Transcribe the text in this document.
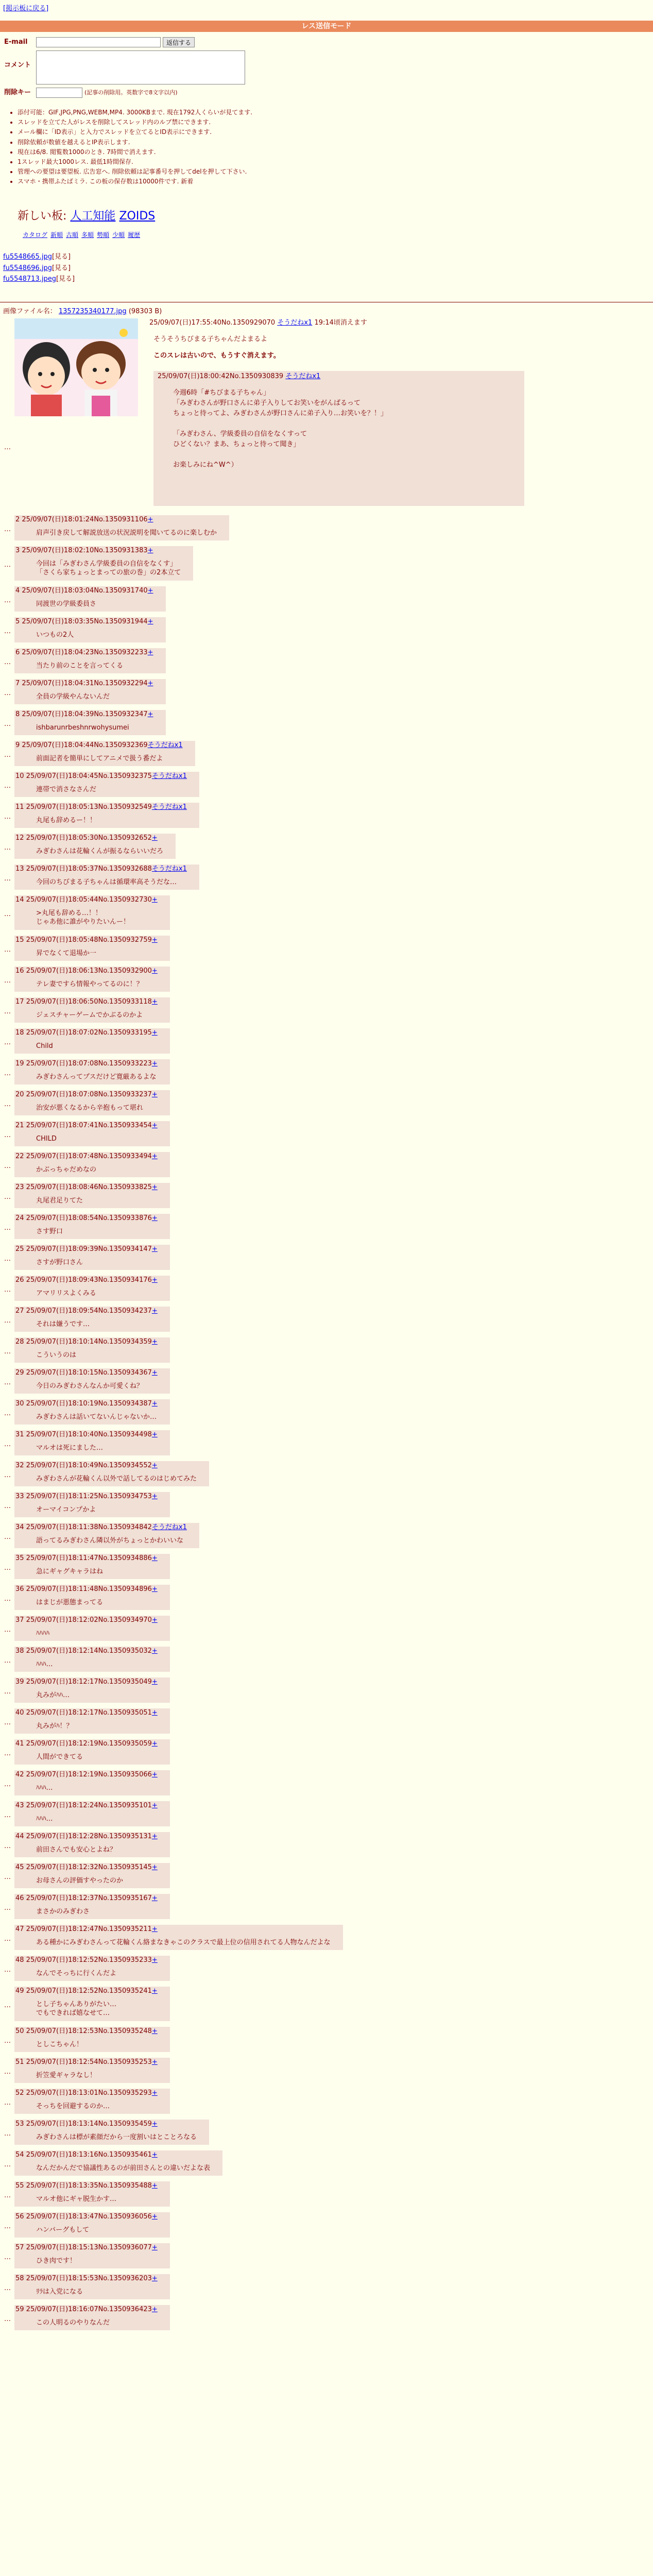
[掲示板に戻る]
レス送信モード
E-mail	返信する
コメント
削除キー	(記事の削除用。英数字で8文字以内)
• 添付可能：GIF,JPG,PNG,WEBM,MP4. 3000KBまで. 現在1792人くらいが見てます.
• スレッドを立てた人がレスを削除してスレッド内のルブ禁にできます.
• メール欄に「ID表示」と入力でスレッドを立てるとID表示にできます.
• 削除依頼が数値を越えるとIP表示します.
• 現在は6/8. 閲覧数1000のとき. 7時間で消えます.
• 1スレッド最大1000レス. 最低1時間保存.
• 管理への要望は要望板. 広告窓へ. 削除依頼は記事番号を押してdelを押して下さい.
• スマホ・携帯ふたばミラ. この板の保存数は10000件です. 新着
新しい板: 人工知能 ZOIDS
カタログ 新順 古順 多順 勢順 少順 履歴
fu5548665.jpg[見る]
fu5548696.jpg[見る]
fu5548713.jpeg[見る]
画像ファイル名： 1357235340177.jpg (98303 B)
25/09/07(日)17:55:40No.1350929070 そうだねx1 19:14頃消えます

そうそうちびまる子ちゃんだよまるよ

このスレは古いので、もうすぐ消えます。

…
25/09/07(日)18:00:42No.1350930839 そうだねx1
今週6時「#ちびまる子ちゃん」
「みぎわさんが野口さんに弟子入りしてお笑いをがんばるって
ちょっと待ってよ、みぎわさんが野口さんに弟子入り…お笑いを？！」
「みぎわさん、学級委員の自信をなくすって
ひどくない？まあ、ちょっと待って聞き」
お楽しみにね^W^）
…
2 25/09/07(日)18:01:24No.1350931106+
肩声引き戻して解説放送の状況説明を聞いてるのに楽しむか
…
3 25/09/07(日)18:02:10No.1350931383+
今回は「みぎわさん学級委員の自信をなくす」
「さくら家ちょっとまっての旅の巻」の2本立て
…
4 25/09/07(日)18:03:04No.1350931740+
同渡世の学級委員さ
…
5 25/09/07(日)18:03:35No.1350931944+
いつもの2人
…
6 25/09/07(日)18:04:23No.1350932233+
当たり前のことを言ってくる
…
7 25/09/07(日)18:04:31No.1350932294+
全員の学級やんないんだ
…
8 25/09/07(日)18:04:39No.1350932347+
ishbarunrbeshnrwohysumei
…
9 25/09/07(日)18:04:44No.1350932369そうだねx1
前面記者を簡単にしてアニメで扱う番だよ
…
10 25/09/07(日)18:04:45No.1350932375そうだねx1
連帯で消さなさんだ
…
11 25/09/07(日)18:05:13No.1350932549そうだねx1
丸尾も辞めるー！！
…
12 25/09/07(日)18:05:30No.1350932652+
みぎわさんは花輪くんが振るならいいだろ
…
13 25/09/07(日)18:05:37No.1350932688そうだねx1
今回のちびまる子ちゃんは循環率高そうだな…
…
14 25/09/07(日)18:05:44No.1350932730+
>丸尾も辞める…！！
じゃあ他に誰がやりたいんー！
…
15 25/09/07(日)18:05:48No.1350932759+
昇でなくて退場か一
…
16 25/09/07(日)18:06:13No.1350932900+
テレ妻ですら情報やってるのに！？
…
17 25/09/07(日)18:06:50No.1350933118+
ジェスチャーゲームでかぶるのかよ
…
18 25/09/07(日)18:07:02No.1350933195+
Child
…
19 25/09/07(日)18:07:08No.1350933223+
みぎわさんってプスだけど寛厳あるよな
…
20 25/09/07(日)18:07:08No.1350933237+
治安が悪くなるから辛抱もって堪れ
…
21 25/09/07(日)18:07:41No.1350933454+
CHILD
…
22 25/09/07(日)18:07:48No.1350933494+
かぶっちゃだめなの
…
23 25/09/07(日)18:08:46No.1350933825+
丸尾君足りてた
…
24 25/09/07(日)18:08:54No.1350933876+
さす野口
…
25 25/09/07(日)18:09:39No.1350934147+
さすが野口さん
…
26 25/09/07(日)18:09:43No.1350934176+
アマリリスよくみる
…
27 25/09/07(日)18:09:54No.1350934237+
それは嫌うです…
…
28 25/09/07(日)18:10:14No.1350934359+
こういうのは
…
29 25/09/07(日)18:10:15No.1350934367+
今日のみぎわさんなんか可愛くね？
…
30 25/09/07(日)18:10:19No.1350934387+
みぎわさんは話いてないんじゃないか…
…
31 25/09/07(日)18:10:40No.1350934498+
マルオは死にました…
…
32 25/09/07(日)18:10:49No.1350934552+
みぎわさんが花輪くん以外で話してるのはじめてみた
…
33 25/09/07(日)18:11:25No.1350934753+
オーマイコンプかよ
…
34 25/09/07(日)18:11:38No.1350934842そうだねx1
語ってるみぎわさん隣以外がちょっとかわいいな
…
35 25/09/07(日)18:11:47No.1350934886+
急にギャグキャラはね
…
36 25/09/07(日)18:11:48No.1350934896+
はまじが悪態まってる
…
37 25/09/07(日)18:12:02No.1350934970+
ﾊﾊﾊﾊ
…
38 25/09/07(日)18:12:14No.1350935032+
ﾊﾊﾊ…
…
39 25/09/07(日)18:12:17No.1350935049+
丸みがﾊﾊ…
…
40 25/09/07(日)18:12:17No.1350935051+
丸みがﾊ！？
…
41 25/09/07(日)18:12:19No.1350935059+
人間ができてる
…
42 25/09/07(日)18:12:19No.1350935066+
ﾊﾊﾊ…
…
43 25/09/07(日)18:12:24No.1350935101+
ﾊﾊﾊ…
…
44 25/09/07(日)18:12:28No.1350935131+
前田さんでも安心とよね？
…
45 25/09/07(日)18:12:32No.1350935145+
お母さんの評価すやったのか
…
46 25/09/07(日)18:12:37No.1350935167+
まさかのみぎわさ
…
47 25/09/07(日)18:12:47No.1350935211+
ある種かにみぎわさんって花輪くん絡まなきゃこのクラスで最上位の信用されてる人物なんだよな
…
48 25/09/07(日)18:12:52No.1350935233+
なんでそっちに行くんだよ
…
49 25/09/07(日)18:12:52No.1350935241+
とし子ちゃんありがたい…
でもできれば嬉なせて…
…
50 25/09/07(日)18:12:53No.1350935248+
としこちゃん！
…
51 25/09/07(日)18:12:54No.1350935253+
折笠愛ギャラなし！
…
52 25/09/07(日)18:13:01No.1350935293+
そっちを回避するのか…
…
53 25/09/07(日)18:13:14No.1350935459+
みぎわさんは標が素顔だから一度割いはとことろなる
…
54 25/09/07(日)18:13:16No.1350935461+
なんだかんだで協議性あるのが前田さんとの違いだよな表
…
55 25/09/07(日)18:13:35No.1350935488+
マルオ他にギャ脱生かす…
…
56 25/09/07(日)18:13:47No.1350936056+
ハンバーグもして
…
57 25/09/07(日)18:15:13No.1350936077+
ひき肉です！
…
58 25/09/07(日)18:15:53No.1350936203+
ﾘﾗは入党になる
…
59 25/09/07(日)18:16:07No.1350936423+
この人明るのやりなんだ
